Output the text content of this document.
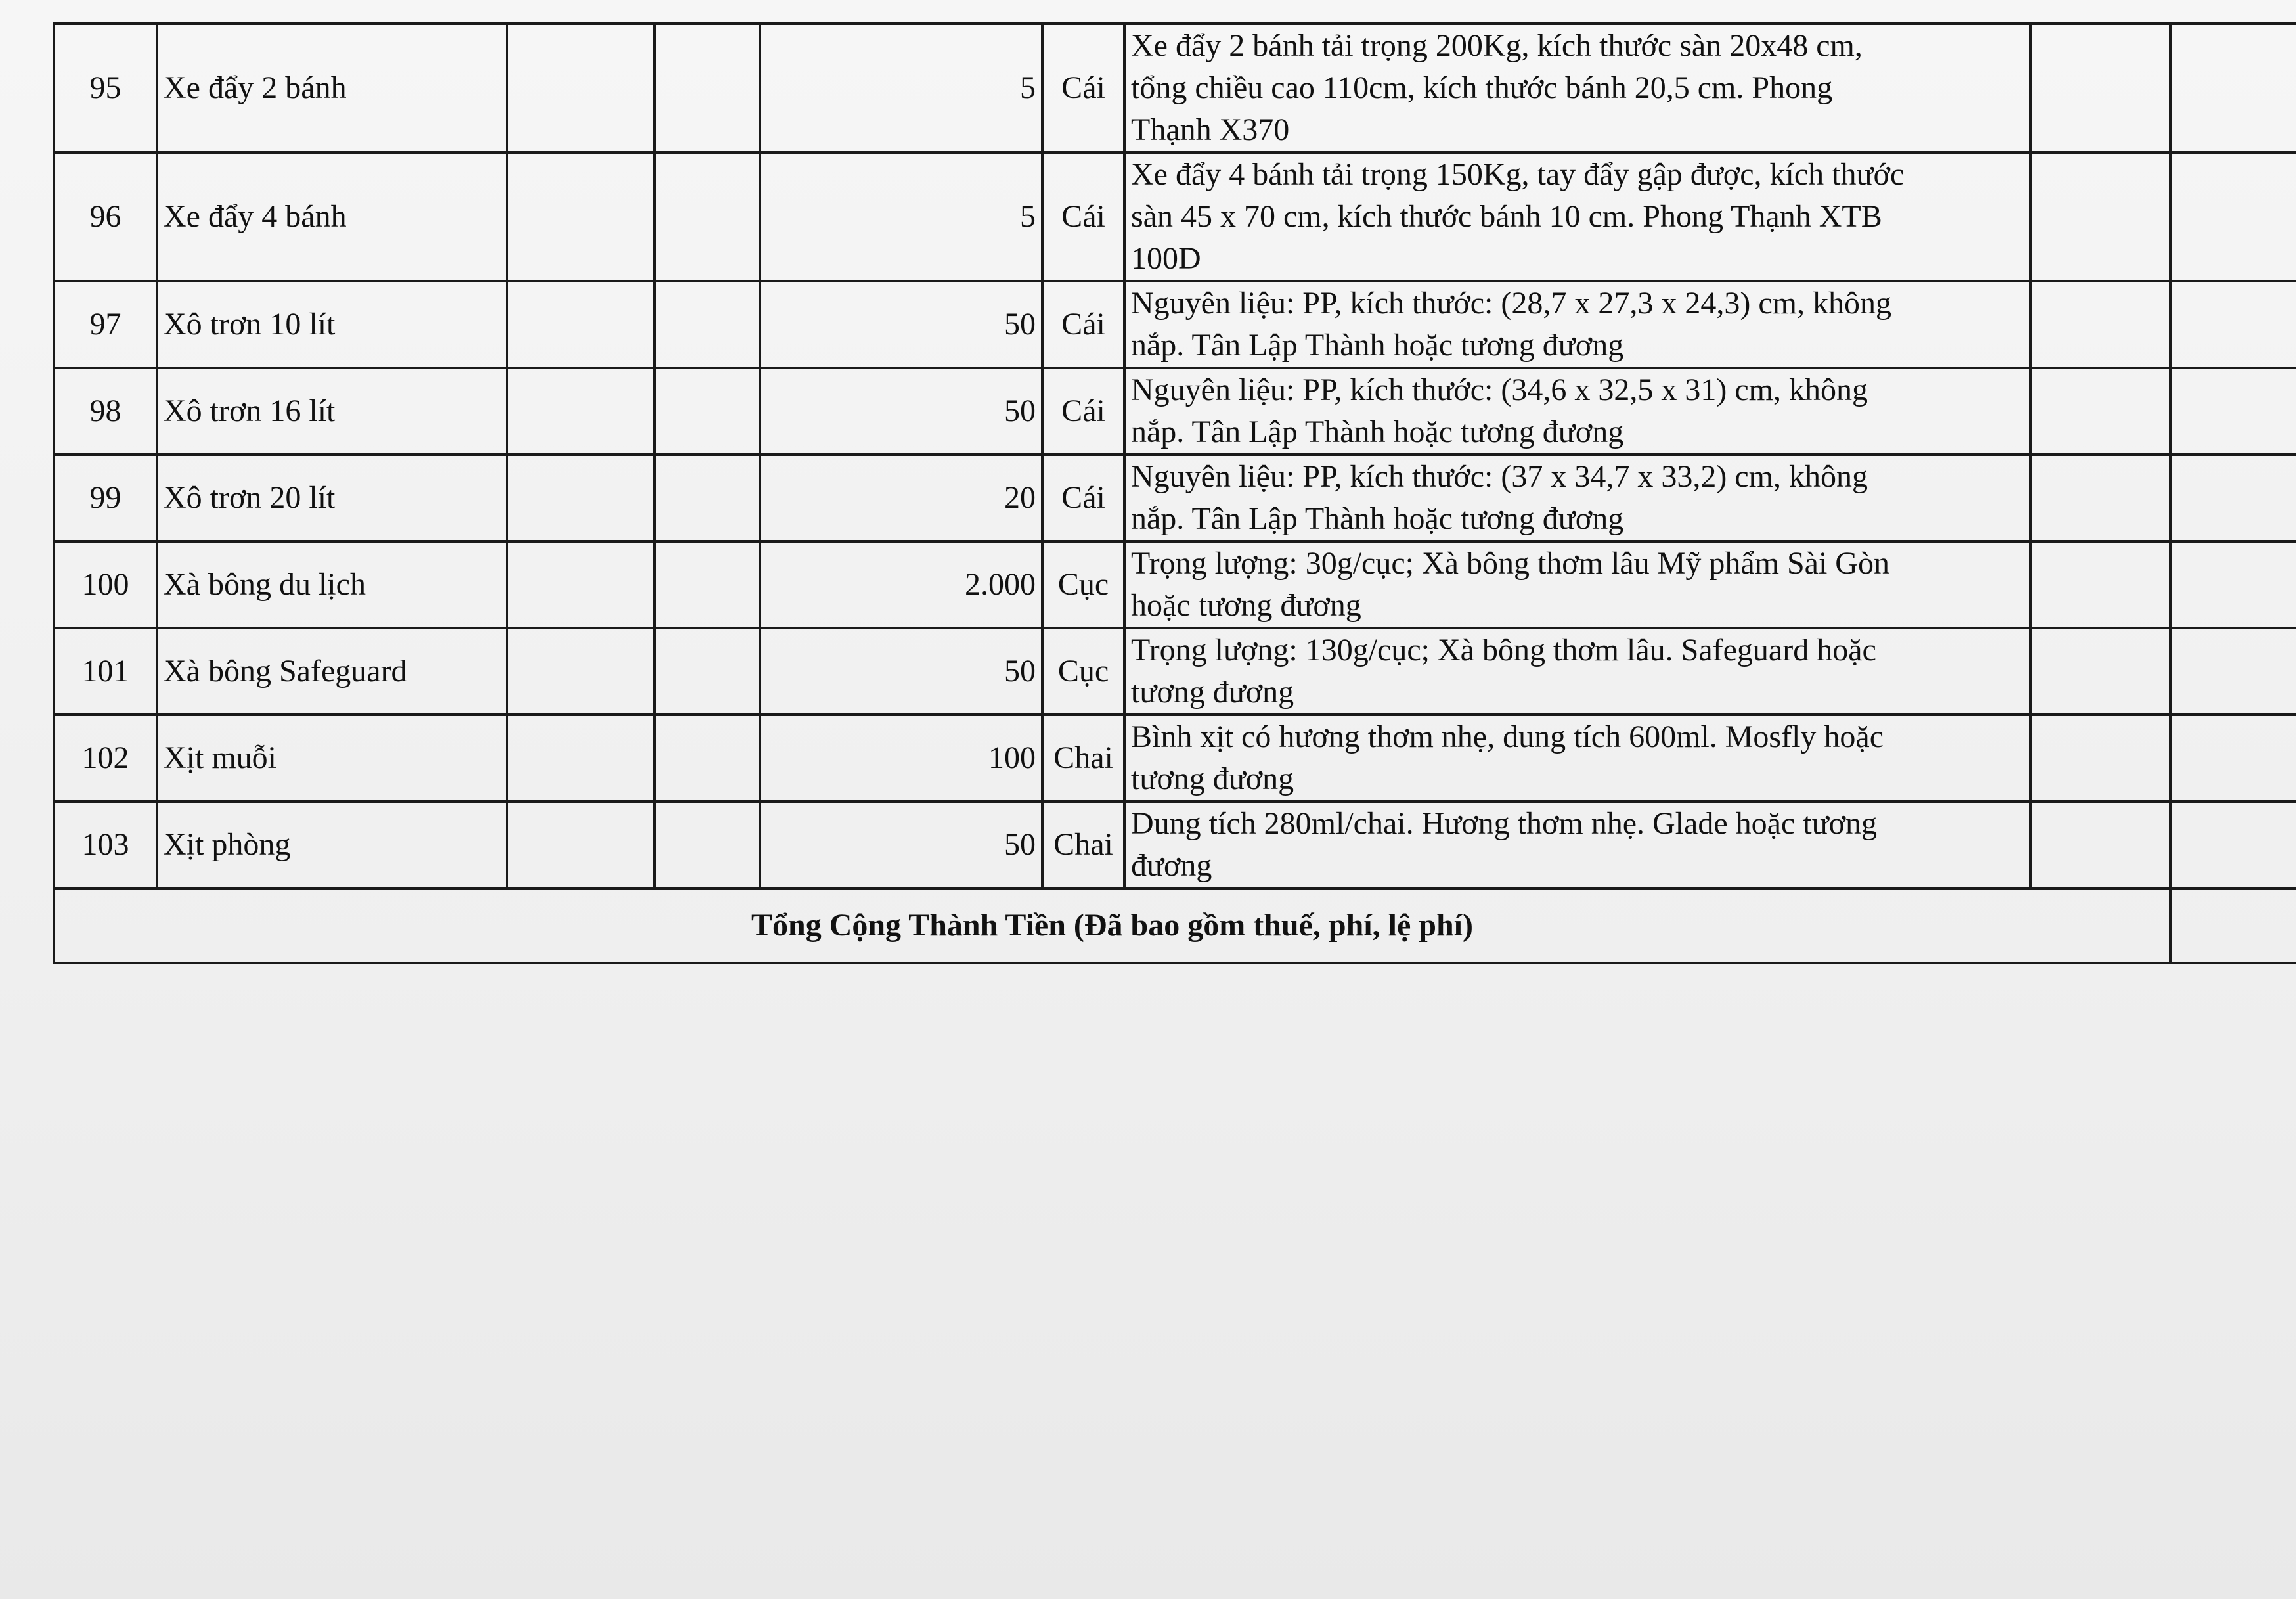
95	Xe đẩy 2 bánh			5	Cái	Xe đẩy 2 bánh tải trọng 200Kg, kích thước sàn 20x48 cm,
tổng chiều cao 110cm, kích thước bánh 20,5 cm. Phong
Thạnh X370		

96	Xe đẩy 4 bánh			5	Cái	Xe đẩy 4 bánh tải trọng 150Kg, tay đẩy gập được, kích thước
sàn 45 x 70 cm, kích thước bánh 10 cm. Phong Thạnh XTB
100D		

97	Xô trơn 10 lít			50	Cái	Nguyên liệu: PP, kích thước: (28,7 x 27,3 x 24,3) cm, không
nắp. Tân Lập Thành hoặc tương đương		

98	Xô trơn 16 lít			50	Cái	Nguyên liệu: PP, kích thước: (34,6 x 32,5 x 31) cm, không
nắp. Tân Lập Thành hoặc tương đương		

99	Xô trơn 20 lít			20	Cái	Nguyên liệu: PP, kích thước: (37 x 34,7 x 33,2) cm, không
nắp. Tân Lập Thành hoặc tương đương		

100	Xà bông du lịch			2.000	Cục	Trọng lượng: 30g/cục; Xà bông thơm lâu Mỹ phẩm Sài Gòn
hoặc tương đương		

101	Xà bông Safeguard			50	Cục	Trọng lượng: 130g/cục; Xà bông thơm lâu. Safeguard hoặc
tương đương		

102	Xịt muỗi			100	Chai	Bình xịt có hương thơm nhẹ, dung tích 600ml. Mosfly hoặc
tương đương		

103	Xịt phòng			50	Chai	Dung tích 280ml/chai. Hương thơm nhẹ. Glade hoặc tương
đương		

Tổng Cộng Thành Tiền (Đã bao gồm thuế, phí, lệ phí)								
